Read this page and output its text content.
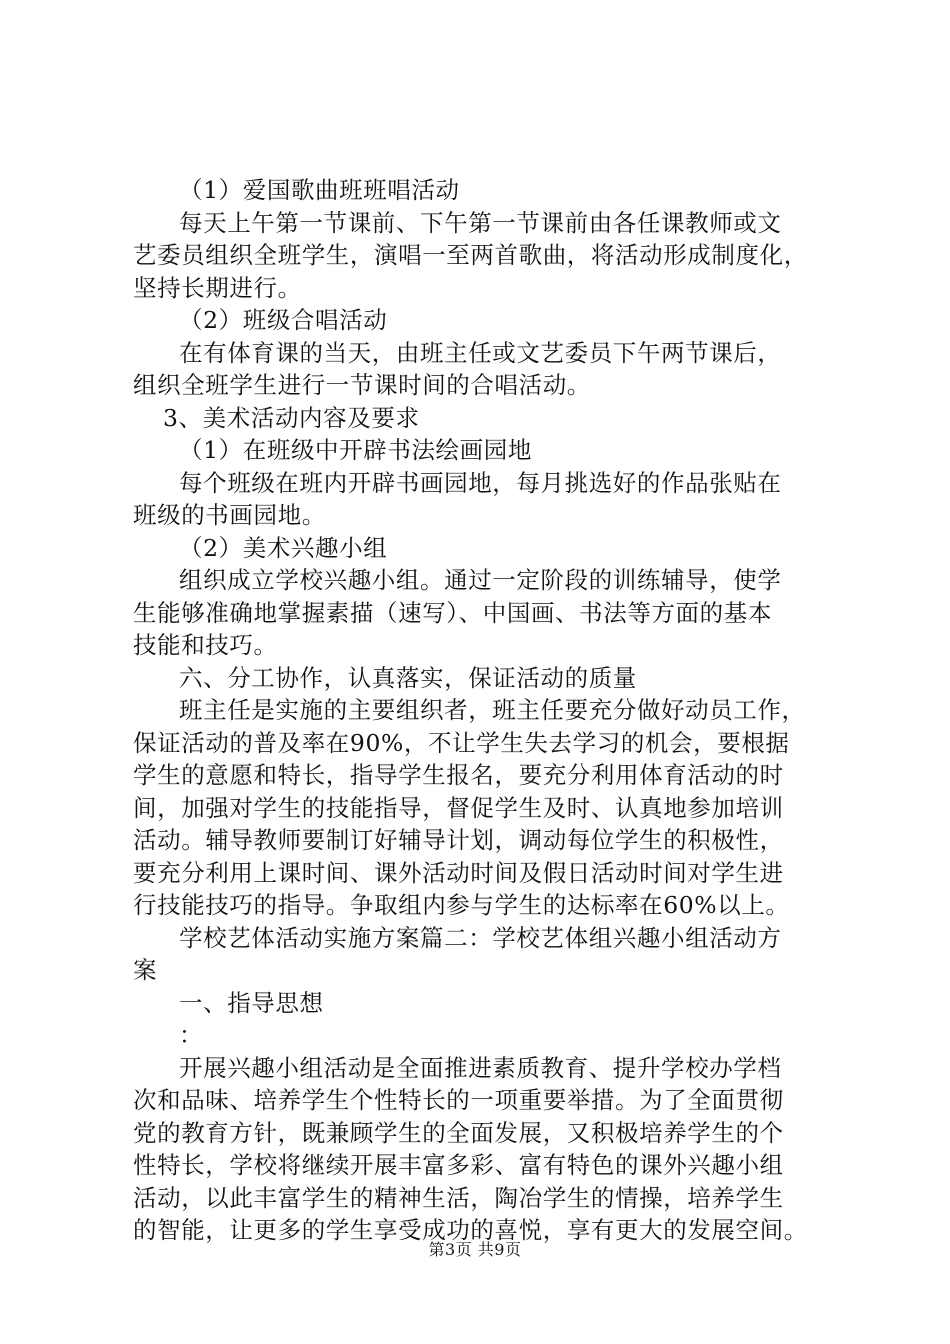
（1）爱国歌曲班班唱活动
每天上午第一节课前、下午第一节课前由各任课教师或文
艺委员组织全班学生，演唱一至两首歌曲，将活动形成制度化，
坚持长期进行。
（2）班级合唱活动
在有体育课的当天，由班主任或文艺委员下午两节课后，
组织全班学生进行一节课时间的合唱活动。
3、美术活动内容及要求
（1）在班级中开辟书法绘画园地
每个班级在班内开辟书画园地，每月挑选好的作品张贴在
班级的书画园地。
（2）美术兴趣小组
组织成立学校兴趣小组。通过一定阶段的训练辅导，使学
生能够准确地掌握素描（速写）、中国画、书法等方面的基本
技能和技巧。
六、分工协作，认真落实，保证活动的质量
班主任是实施的主要组织者，班主任要充分做好动员工作，
保证活动的普及率在90%，不让学生失去学习的机会，要根据
学生的意愿和特长，指导学生报名，要充分利用体育活动的时
间，加强对学生的技能指导，督促学生及时、认真地参加培训
活动。辅导教师要制订好辅导计划，调动每位学生的积极性，
要充分利用上课时间、课外活动时间及假日活动时间对学生进
行技能技巧的指导。争取组内参与学生的达标率在60%以上。
学校艺体活动实施方案篇二：学校艺体组兴趣小组活动方
案
一、指导思想
：
开展兴趣小组活动是全面推进素质教育、提升学校办学档
次和品味、培养学生个性特长的一项重要举措。为了全面贯彻
党的教育方针，既兼顾学生的全面发展，又积极培养学生的个
性特长，学校将继续开展丰富多彩、富有特色的课外兴趣小组
活动，以此丰富学生的精神生活，陶冶学生的情操，培养学生
的智能，让更多的学生享受成功的喜悦，享有更大的发展空间。
第3页 共9页
